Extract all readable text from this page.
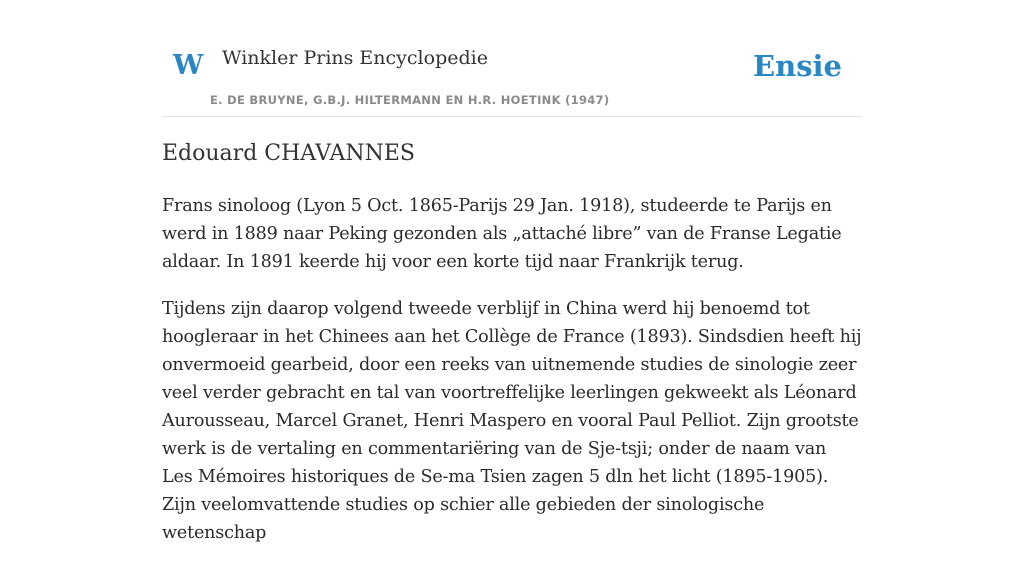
W Winkler Prins Encyclopedie
E. DE BRUYNE, G.B.J. HILTERMANN EN H.R. HOETINK (1947)
Ensie
Edouard CHAVANNES

Frans sinoloog (Lyon 5 Oct. 1865-Parijs 29 Jan. 1918), studeerde te Parijs en werd in 1889 naar Peking gezonden als „attaché libre” van de Franse Legatie aldaar. In 1891 keerde hij voor een korte tijd naar Frankrijk terug.

Tijdens zijn daarop volgend tweede verblijf in China werd hij benoemd tot hoogleraar in het Chinees aan het Collège de France (1893). Sindsdien heeft hij onvermoeid gearbeid, door een reeks van uitnemende studies de sinologie zeer veel verder gebracht en tal van voortreffelijke leerlingen gekweekt als Léonard Aurousseau, Marcel Granet, Henri Maspero en vooral Paul Pelliot. Zijn grootste werk is de vertaling en commentariëring van de Sje-tsji; onder de naam van Les Mémoires historiques de Se-ma Tsien zagen 5 dln het licht (1895-1905). Zijn veelomvattende studies op schier alle gebieden der sinologische wetenschap
